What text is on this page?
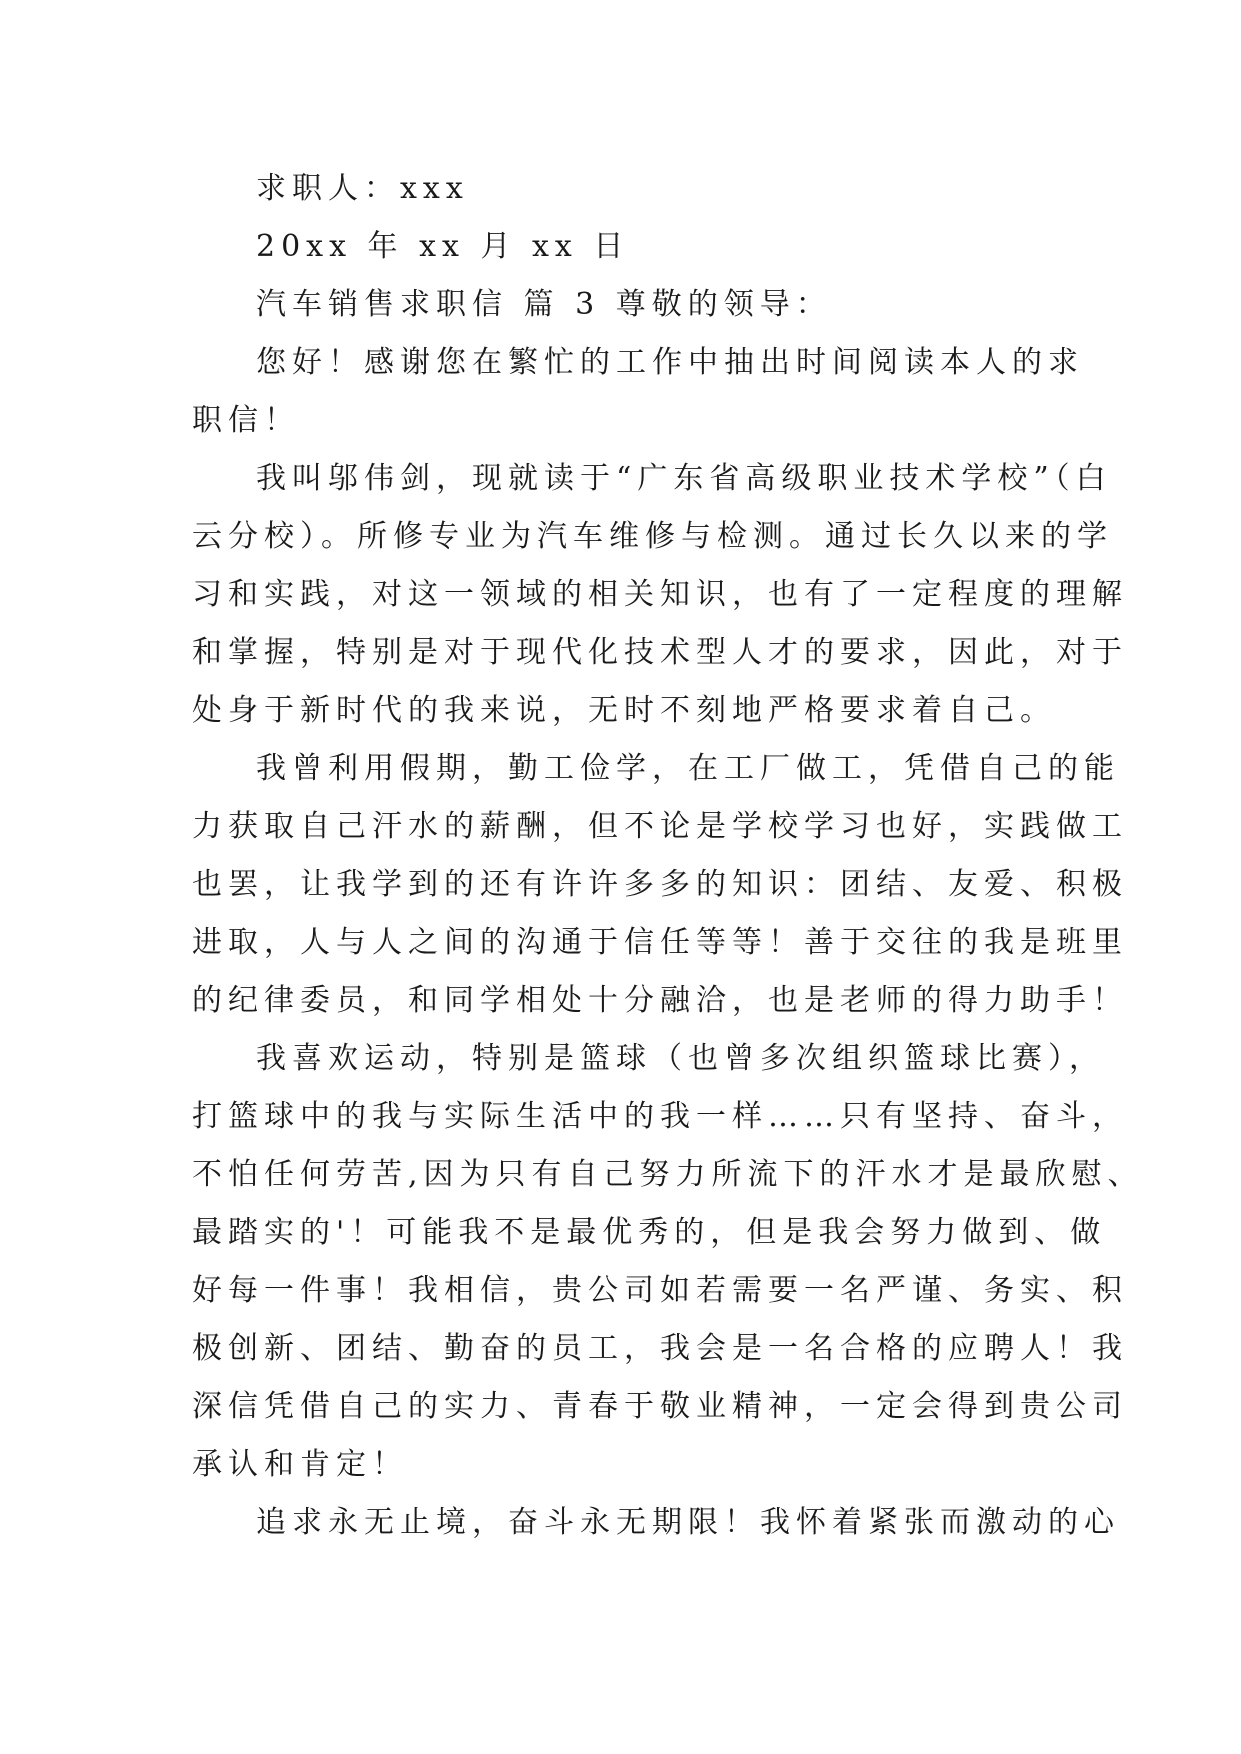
求职人：xxx
20xx 年 xx 月 xx 日
汽车销售求职信 篇 3 尊敬的领导：
您好！感谢您在繁忙的工作中抽出时间阅读本人的求
职信！
我叫邬伟剑，现就读于“广东省高级职业技术学校”（白
云分校）。所修专业为汽车维修与检测。通过长久以来的学
习和实践，对这一领域的相关知识，也有了一定程度的理解
和掌握，特别是对于现代化技术型人才的要求，因此，对于
处身于新时代的我来说，无时不刻地严格要求着自己。
我曾利用假期，勤工俭学，在工厂做工，凭借自己的能
力获取自己汗水的薪酬，但不论是学校学习也好，实践做工
也罢，让我学到的还有许许多多的知识：团结、友爱、积极
进取，人与人之间的沟通于信任等等！善于交往的我是班里
的纪律委员，和同学相处十分融洽，也是老师的得力助手！
我喜欢运动，特别是篮球（也曾多次组织篮球比赛），
打篮球中的我与实际生活中的我一样……只有坚持、奋斗，
不怕任何劳苦,因为只有自己努力所流下的汗水才是最欣慰、
最踏实的'！可能我不是最优秀的，但是我会努力做到、做
好每一件事！我相信，贵公司如若需要一名严谨、务实、积
极创新、团结、勤奋的员工，我会是一名合格的应聘人！我
深信凭借自己的实力、青春于敬业精神，一定会得到贵公司
承认和肯定！
追求永无止境，奋斗永无期限！我怀着紧张而激动的心
